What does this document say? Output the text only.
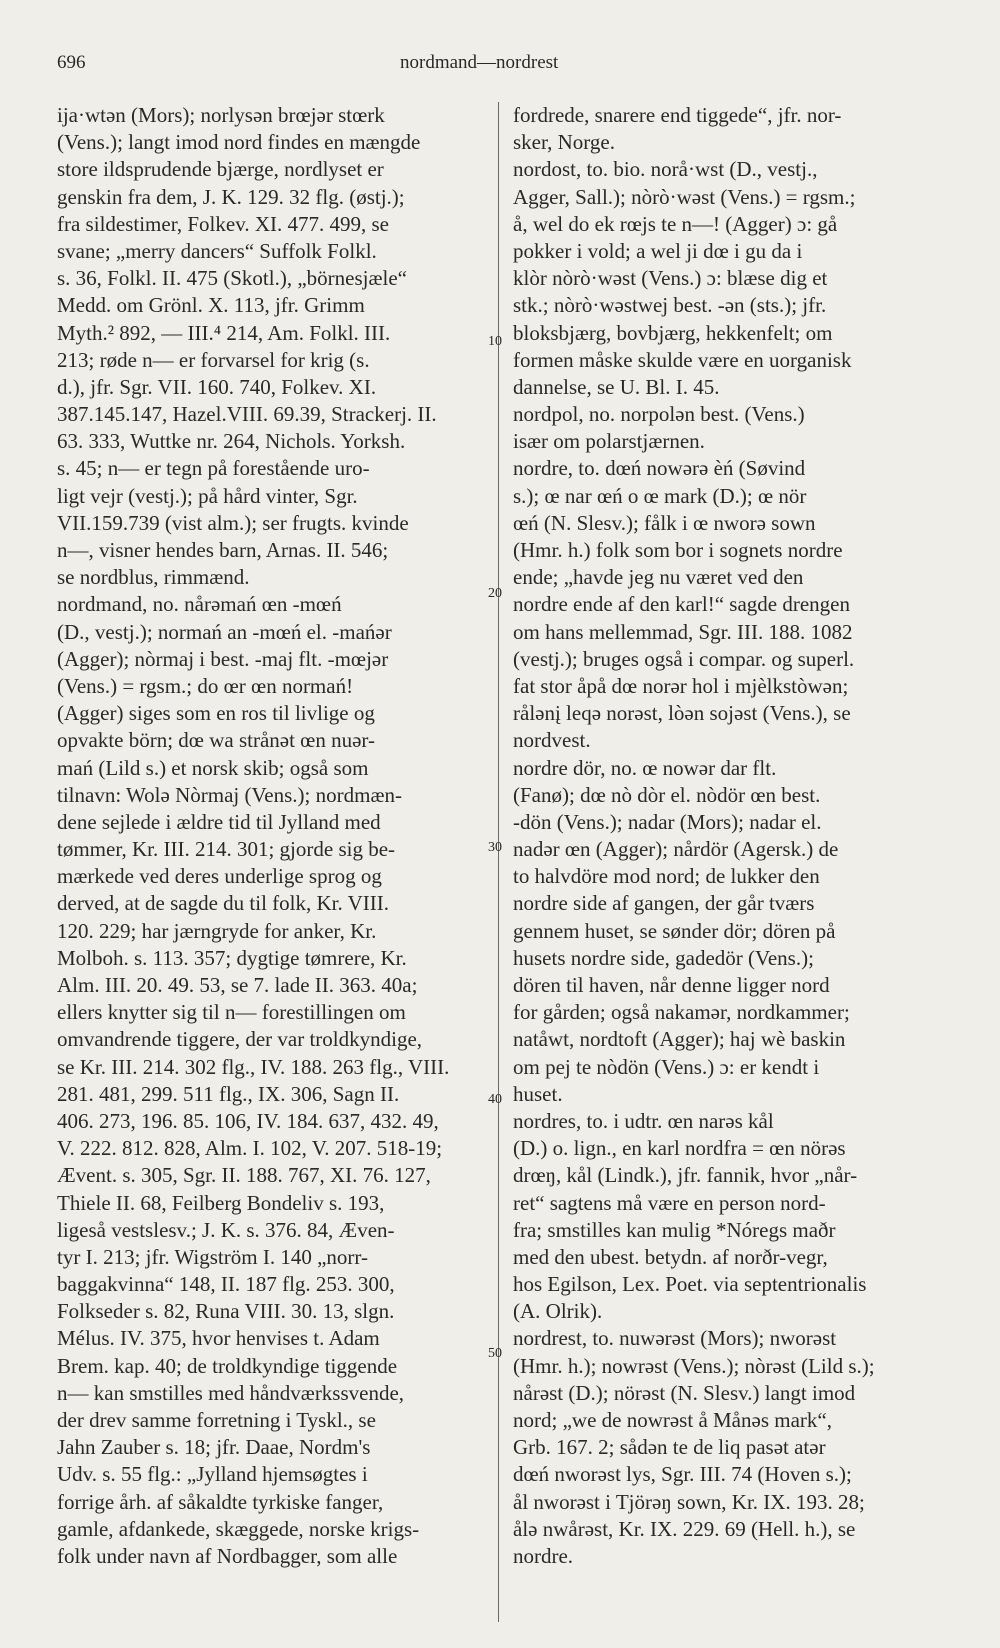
696	nordmand—nordrest
10
20
30
40
50
ija·wtən (Mors); norlysən brœjər stœrk
(Vens.); langt imod nord findes en mængde
store ildsprudende bjærge, nordlyset er
genskin fra dem, J. K. 129. 32 flg. (østj.);
fra sildestimer, Folkev. XI. 477. 499, se
svane; „merry dancers“ Suffolk Folkl.
s. 36, Folkl. II. 475 (Skotl.), „börnesjæle“
Medd. om Grönl. X. 113, jfr. Grimm
Myth.² 892, — III.⁴ 214, Am. Folkl. III.
213; røde n— er forvarsel for krig (s.
d.), jfr. Sgr. VII. 160. 740, Folkev. XI.
387.145.147, Hazel.VIII. 69.39, Strackerj. II.
63. 333, Wuttke nr. 264, Nichols. Yorksh.
s. 45; n— er tegn på forestående uro-
ligt vejr (vestj.); på hård vinter, Sgr.
VII.159.739 (vist alm.); ser frugts. kvinde
n—, visner hendes barn, Arnas. II. 546;
se nordblus, rimmænd.
nordmand, no. nårəmań œn -mœń
(D., vestj.); normań an -mœń el. -mańər
(Agger); nòrmaj i best. -maj flt. -mœjər
(Vens.) = rgsm.; do œr œn normań!
(Agger) siges som en ros til livlige og
opvakte börn; dœ wa strånət œn nuər-
mań (Lild s.) et norsk skib; også som
tilnavn: Wolə Nòrmaj (Vens.); nordmæn-
dene sejlede i ældre tid til Jylland med
tømmer, Kr. III. 214. 301; gjorde sig be-
mærkede ved deres underlige sprog og
derved, at de sagde du til folk, Kr. VIII.
120. 229; har jærngryde for anker, Kr.
Molboh. s. 113. 357; dygtige tømrere, Kr.
Alm. III. 20. 49. 53, se 7. lade II. 363. 40a;
ellers knytter sig til n— forestillingen om
omvandrende tiggere, der var troldkyndige,
se Kr. III. 214. 302 flg., IV. 188. 263 flg., VIII.
281. 481, 299. 511 flg., IX. 306, Sagn II.
406. 273, 196. 85. 106, IV. 184. 637, 432. 49,
V. 222. 812. 828, Alm. I. 102, V. 207. 518-19;
Ævent. s. 305, Sgr. II. 188. 767, XI. 76. 127,
Thiele II. 68, Feilberg Bondeliv s. 193,
ligeså vestslesv.; J. K. s. 376. 84, Æven-
tyr I. 213; jfr. Wigström I. 140 „norr-
baggakvinna“ 148, II. 187 flg. 253. 300,
Folkseder s. 82, Runa VIII. 30. 13, slgn.
Mélus. IV. 375, hvor henvises t. Adam
Brem. kap. 40; de troldkyndige tiggende
n— kan smstilles med håndværkssvende,
der drev samme forretning i Tyskl., se
Jahn Zauber s. 18; jfr. Daae, Nordm's
Udv. s. 55 flg.: „Jylland hjemsøgtes i
forrige årh. af såkaldte tyrkiske fanger,
gamle, afdankede, skæggede, norske krigs-
folk under navn af Nordbagger, som alle
fordrede, snarere end tiggede“, jfr. nor-
sker, Norge.
nordost, to. bio. norå·wst (D., vestj.,
Agger, Sall.); nòrò·wəst (Vens.) = rgsm.;
å, wel do ek rœjs te n—! (Agger) ɔ: gå
pokker i vold; a wel ji dœ i gu da i
klòr nòrò·wəst (Vens.) ɔ: blæse dig et
stk.; nòrò·wəstwej best. -ən (sts.); jfr.
bloksbjærg, bovbjærg, hekkenfelt; om
formen måske skulde være en uorganisk
dannelse, se U. Bl. I. 45.
nordpol, no. norpolən best. (Vens.)
især om polarstjærnen.
nordre, to. dœń nowərə èń (Søvind
s.); œ nar œń o œ mark (D.); œ nör
œń (N. Slesv.); fålk i œ nworə sown
(Hmr. h.) folk som bor i sognets nordre
ende; „havde jeg nu været ved den
nordre ende af den karl!“ sagde drengen
om hans mellemmad, Sgr. III. 188. 1082
(vestj.); bruges også i compar. og superl.
fat stor åpå dœ norər hol i mjèlkstòwən;
rålənį leqə norəst, lòən sojəst (Vens.), se
nordvest.
nordre dör, no. œ nowər dar flt.
(Fanø); dœ nò dòr el. nòdör œn best.
-dön (Vens.); nadar (Mors); nadar el.
nadər œn (Agger); nårdör (Agersk.) de
to halvdöre mod nord; de lukker den
nordre side af gangen, der går tværs
gennem huset, se sønder dör; dören på
husets nordre side, gadedör (Vens.);
dören til haven, når denne ligger nord
for gården; også nakamər, nordkammer;
natåwt, nordtoft (Agger); haj wè baskin
om pej te nòdön (Vens.) ɔ: er kendt i
huset.
nordres, to. i udtr. œn narəs kål
(D.) o. lign., en karl nordfra = œn nörəs
drœŋ, kål (Lindk.), jfr. fannik, hvor „når-
ret“ sagtens må være en person nord-
fra; smstilles kan mulig *Nóregs maðr
med den ubest. betydn. af norðr-vegr,
hos Egilson, Lex. Poet. via septentrionalis
(A. Olrik).
nordrest, to. nuwərəst (Mors); nworəst
(Hmr. h.); nowrəst (Vens.); nòrəst (Lild s.);
nårəst (D.); nörəst (N. Slesv.) langt imod
nord; „we de nowrəst å Månəs mark“,
Grb. 167. 2; sådən te de liq pasət atər
dœń nworəst lys, Sgr. III. 74 (Hoven s.);
ål nworəst i Tjörəŋ sown, Kr. IX. 193. 28;
ålə nwårəst, Kr. IX. 229. 69 (Hell. h.), se
nordre.
